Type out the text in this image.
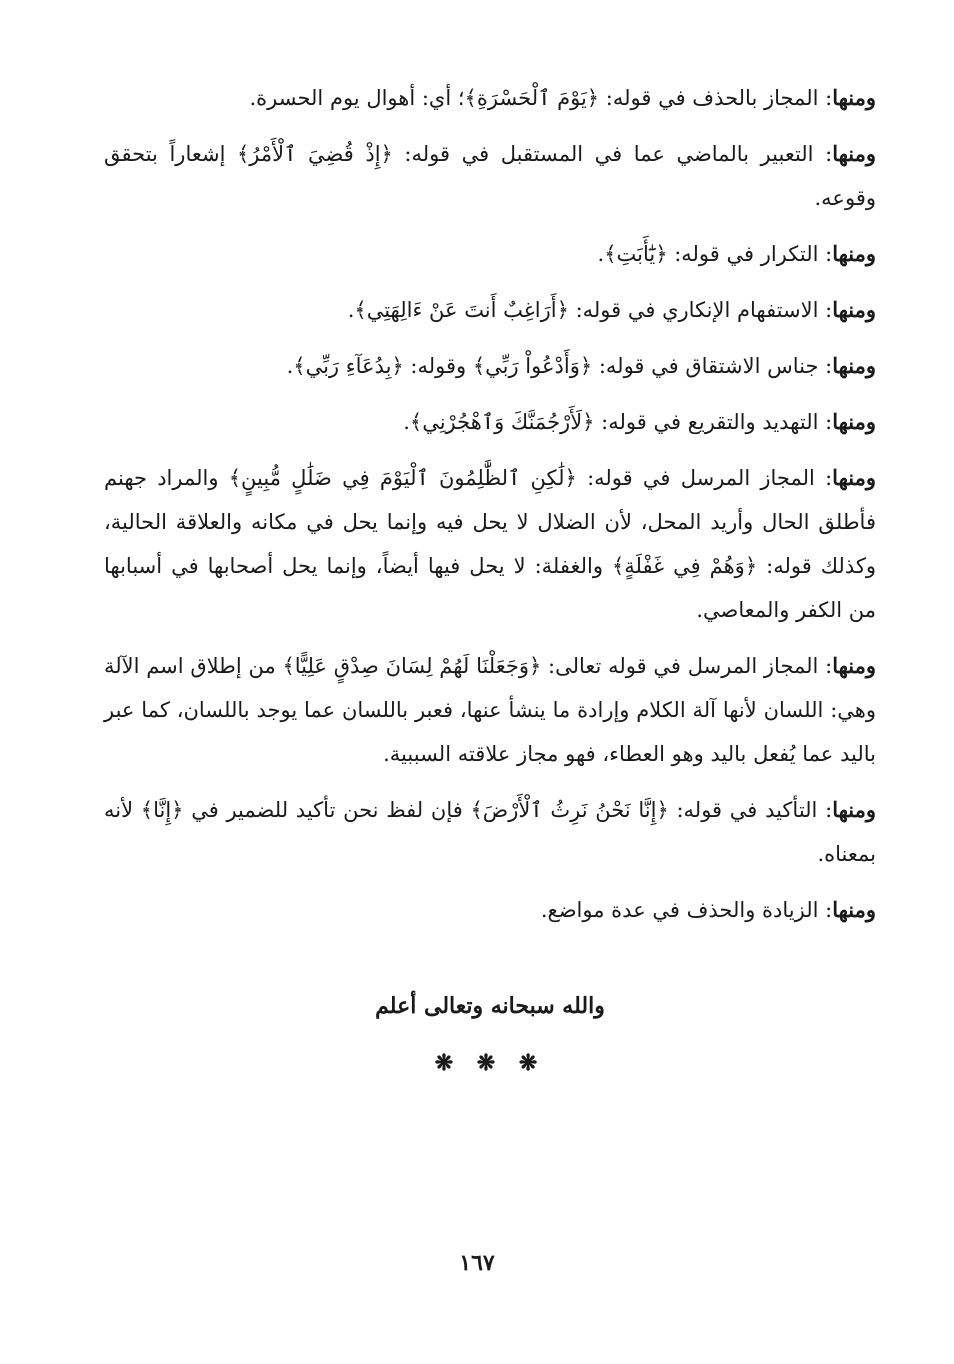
ومنها: المجاز بالحذف في قوله: ﴿يَوْمَ ٱلْحَسْرَةِ﴾؛ أي: أهوال يوم الحسرة.

ومنها: التعبير بالماضي عما في المستقبل في قوله: ﴿إِذْ قُضِيَ ٱلْأَمْرُ﴾ إشعاراً بتحقق وقوعه.

ومنها: التكرار في قوله: ﴿يَٰٓأَبَتِ﴾.

ومنها: الاستفهام الإنكاري في قوله: ﴿أَرَاغِبٌ أَنتَ عَنْ ءَالِهَتِي﴾.

ومنها: جناس الاشتقاق في قوله: ﴿وَأَدْعُواْ رَبِّي﴾ وقوله: ﴿بِدُعَآءِ رَبِّي﴾.

ومنها: التهديد والتقريع في قوله: ﴿لَأَرْجُمَنَّكَ وَٱهْجُرْنِي﴾.

ومنها: المجاز المرسل في قوله: ﴿لَٰكِنِ ٱلظَّٰلِمُونَ ٱلْيَوْمَ فِي ضَلَٰلٍ مُّبِينٍ﴾ والمراد جهنم فأطلق الحال وأريد المحل، لأن الضلال لا يحل فيه وإنما يحل في مكانه والعلاقة الحالية، وكذلك قوله: ﴿وَهُمْ فِي غَفْلَةٍ﴾ والغفلة: لا يحل فيها أيضاً، وإنما يحل أصحابها في أسبابها من الكفر والمعاصي.

ومنها: المجاز المرسل في قوله تعالى: ﴿وَجَعَلْنَا لَهُمْ لِسَانَ صِدْقٍ عَلِيًّا﴾ من إطلاق اسم الآلة وهي: اللسان لأنها آلة الكلام وإرادة ما ينشأ عنها، فعبر باللسان عما يوجد باللسان، كما عبر باليد عما يُفعل باليد وهو العطاء، فهو مجاز علاقته السببية.

ومنها: التأكيد في قوله: ﴿إِنَّا نَحْنُ نَرِثُ ٱلْأَرْضَ﴾ فإن لفظ نحن تأكيد للضمير في ﴿إِنَّا﴾ لأنه بمعناه.

ومنها: الزيادة والحذف في عدة مواضع.

والله سبحانه وتعالى أعلم
❋ ❋ ❋
١٦٧
